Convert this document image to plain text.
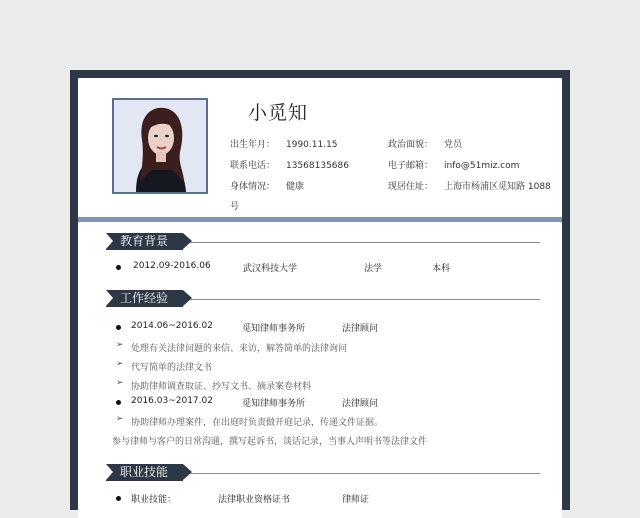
小觅知
出生年月： 1990.11.15	政治面貌： 党员
联系电话： 13568135686	电子邮箱： info@51miz.com
身体情况： 健康	现居住址： 上海市杨浦区觅知路 1088
号
教育背景
2012.09-2016.06	武汉科技大学	法学	本科
工作经验
2014.06~2016.02	觅知律师事务所	法律顾问
➢ 处理有关法律问题的来信、来访，解答简单的法律询问
➢ 代写简单的法律文书
➢ 协助律师调查取证、抄写文书、摘录案卷材料
2016.03~2017.02	觅知律师事务所	法律顾问
➢ 协助律师办理案件，在出庭时负责做开庭记录，传递文件证据。
参与律师与客户的日常沟通，撰写起诉书，谈话记录，当事人声明书等法律文件
职业技能
职业技能：	法律职业资格证书	律师证
